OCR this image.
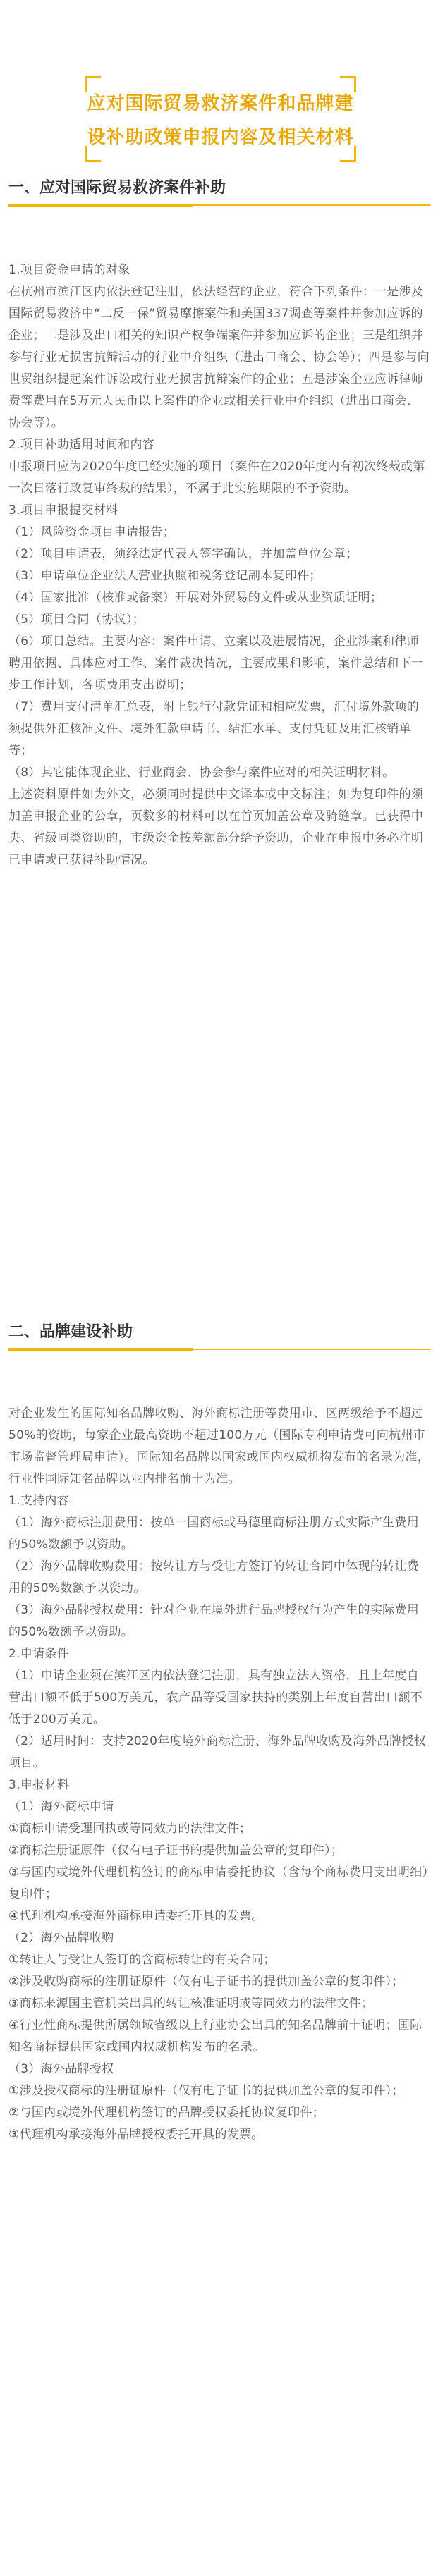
应对国际贸易救济案件和品牌建
设补助政策申报内容及相关材料
一、应对国际贸易救济案件补助

1.项目资金申请的对象

在杭州市滨江区内依法登记注册，依法经营的企业，符合下列条件：一是涉及国际贸易救济中“二反一保”贸易摩擦案件和美国337调查等案件并参加应诉的企业；二是涉及出口相关的知识产权争端案件并参加应诉的企业；三是组织并参与行业无损害抗辩活动的行业中介组织（进出口商会、协会等）；四是参与向世贸组织提起案件诉讼或行业无损害抗辩案件的企业；五是涉案企业应诉律师费等费用在5万元人民币以上案件的企业或相关行业中介组织（进出口商会、协会等）。

2.项目补助适用时间和内容

申报项目应为2020年度已经实施的项目（案件在2020年度内有初次终裁或第一次日落行政复审终裁的结果），不属于此实施期限的不予资助。

3.项目申报提交材料

（1）风险资金项目申请报告；

（2）项目申请表，须经法定代表人签字确认，并加盖单位公章；

（3）申请单位企业法人营业执照和税务登记副本复印件；

（4）国家批准（核准或备案）开展对外贸易的文件或从业资质证明；

（5）项目合同（协议）；

（6）项目总结。主要内容：案件申请、立案以及进展情况，企业涉案和律师聘用依据、具体应对工作、案件裁决情况，主要成果和影响，案件总结和下一步工作计划，各项费用支出说明；

（7）费用支付清单汇总表，附上银行付款凭证和相应发票，汇付境外款项的须提供外汇核准文件、境外汇款申请书、结汇水单、支付凭证及用汇核销单等；

（8）其它能体现企业、行业商会、协会参与案件应对的相关证明材料。

上述资料原件如为外文，必须同时提供中文译本或中文标注；如为复印件的须加盖申报企业的公章，页数多的材料可以在首页加盖公章及骑缝章。已获得中央、省级同类资助的，市级资金按差额部分给予资助，企业在申报中务必注明已申请或已获得补助情况。

二、品牌建设补助

对企业发生的国际知名品牌收购、海外商标注册等费用市、区两级给予不超过50%的资助，每家企业最高资助不超过100万元（国际专利申请费可向杭州市市场监督管理局申请）。国际知名品牌以国家或国内权威机构发布的名录为准，行业性国际知名品牌以业内排名前十为准。

1.支持内容

（1）海外商标注册费用：按单一国商标或马德里商标注册方式实际产生费用的50%数额予以资助。

（2）海外品牌收购费用：按转让方与受让方签订的转让合同中体现的转让费用的50%数额予以资助。

（3）海外品牌授权费用：针对企业在境外进行品牌授权行为产生的实际费用的50%数额予以资助。

2.申请条件

（1）申请企业须在滨江区内依法登记注册，具有独立法人资格，且上年度自营出口额不低于500万美元，农产品等受国家扶持的类别上年度自营出口额不低于200万美元。

（2）适用时间：支持2020年度境外商标注册、海外品牌收购及海外品牌授权项目。

3.申报材料

（1）海外商标申请

①商标申请受理回执或等同效力的法律文件；

②商标注册证原件（仅有电子证书的提供加盖公章的复印件）；

③与国内或境外代理机构签订的商标申请委托协议（含每个商标费用支出明细）复印件；

④代理机构承接海外商标申请委托开具的发票。

（2）海外品牌收购

①转让人与受让人签订的含商标转让的有关合同；

②涉及收购商标的注册证原件（仅有电子证书的提供加盖公章的复印件）；

③商标来源国主管机关出具的转让核准证明或等同效力的法律文件；

④行业性商标提供所属领域省级以上行业协会出具的知名品牌前十证明；国际知名商标提供国家或国内权威机构发布的名录。

（3）海外品牌授权

①涉及授权商标的注册证原件（仅有电子证书的提供加盖公章的复印件）；

②与国内或境外代理机构签订的品牌授权委托协议复印件；

③代理机构承接海外品牌授权委托开具的发票。
